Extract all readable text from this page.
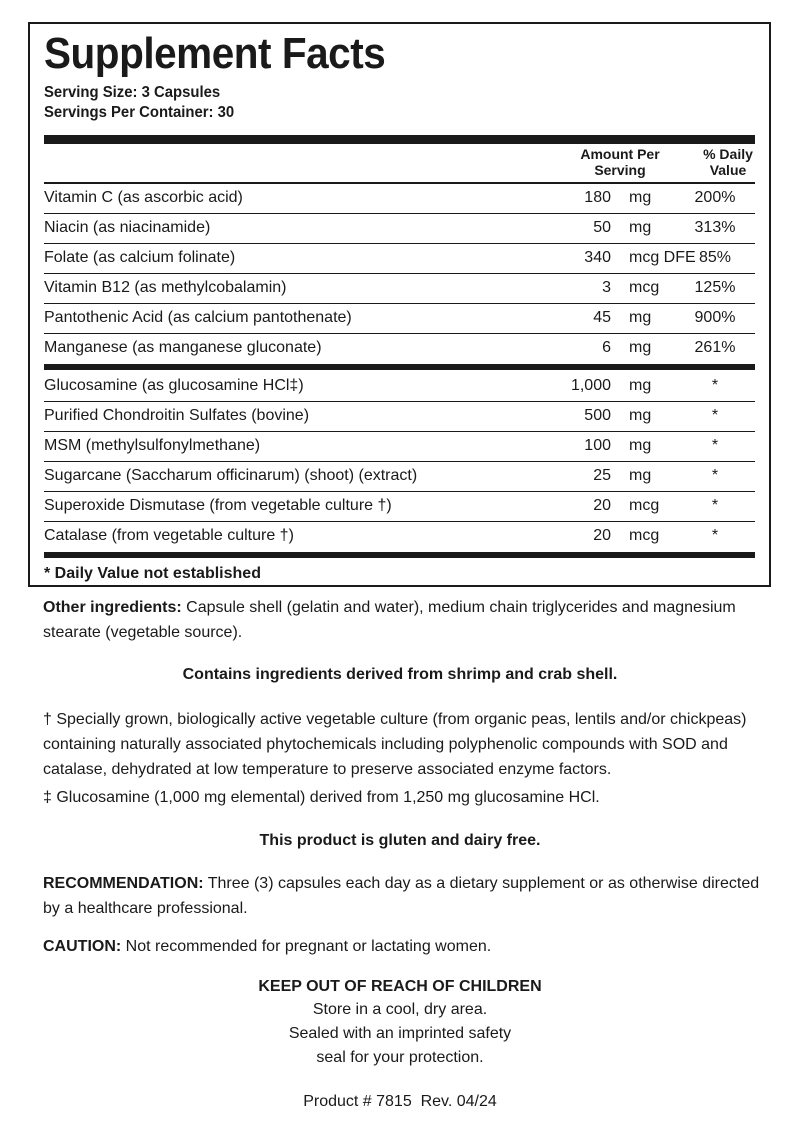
Supplement Facts
Serving Size: 3 Capsules
Servings Per Container: 30
Amount Per
Serving
% Daily
Value
Vitamin C (as ascorbic acid)	180 mg	200%
Niacin (as niacinamide)	50 mg	313%
Folate (as calcium folinate)	340 mcg DFE 85%
Vitamin B12 (as methylcobalamin)	3 mcg	125%
Pantothenic Acid (as calcium pantothenate)	45 mg	900%
Manganese (as manganese gluconate)	6 mg	261%
Glucosamine (as glucosamine HCl‡)	1,000 mg	*
Purified Chondroitin Sulfates (bovine)	500 mg	*
MSM (methylsulfonylmethane)	100 mg	*
Sugarcane (Saccharum officinarum) (shoot) (extract)	25 mg	*
Superoxide Dismutase (from vegetable culture †)	20 mcg	*
Catalase (from vegetable culture †)	20 mcg	*
* Daily Value not established

Other ingredients: Capsule shell (gelatin and water), medium chain triglycerides and magnesium stearate (vegetable source).

Contains ingredients derived from shrimp and crab shell.

† Specially grown, biologically active vegetable culture (from organic peas, lentils and/or chickpeas) containing naturally associated phytochemicals including polyphenolic compounds with SOD and catalase, dehydrated at low temperature to preserve associated enzyme factors.

‡ Glucosamine (1,000 mg elemental) derived from 1,250 mg glucosamine HCl.

This product is gluten and dairy free.

RECOMMENDATION: Three (3) capsules each day as a dietary supplement or as otherwise directed by a healthcare professional.

CAUTION: Not recommended for pregnant or lactating women.

KEEP OUT OF REACH OF CHILDREN
Store in a cool, dry area.
Sealed with an imprinted safety
seal for your protection.
Product # 7815  Rev. 04/24
